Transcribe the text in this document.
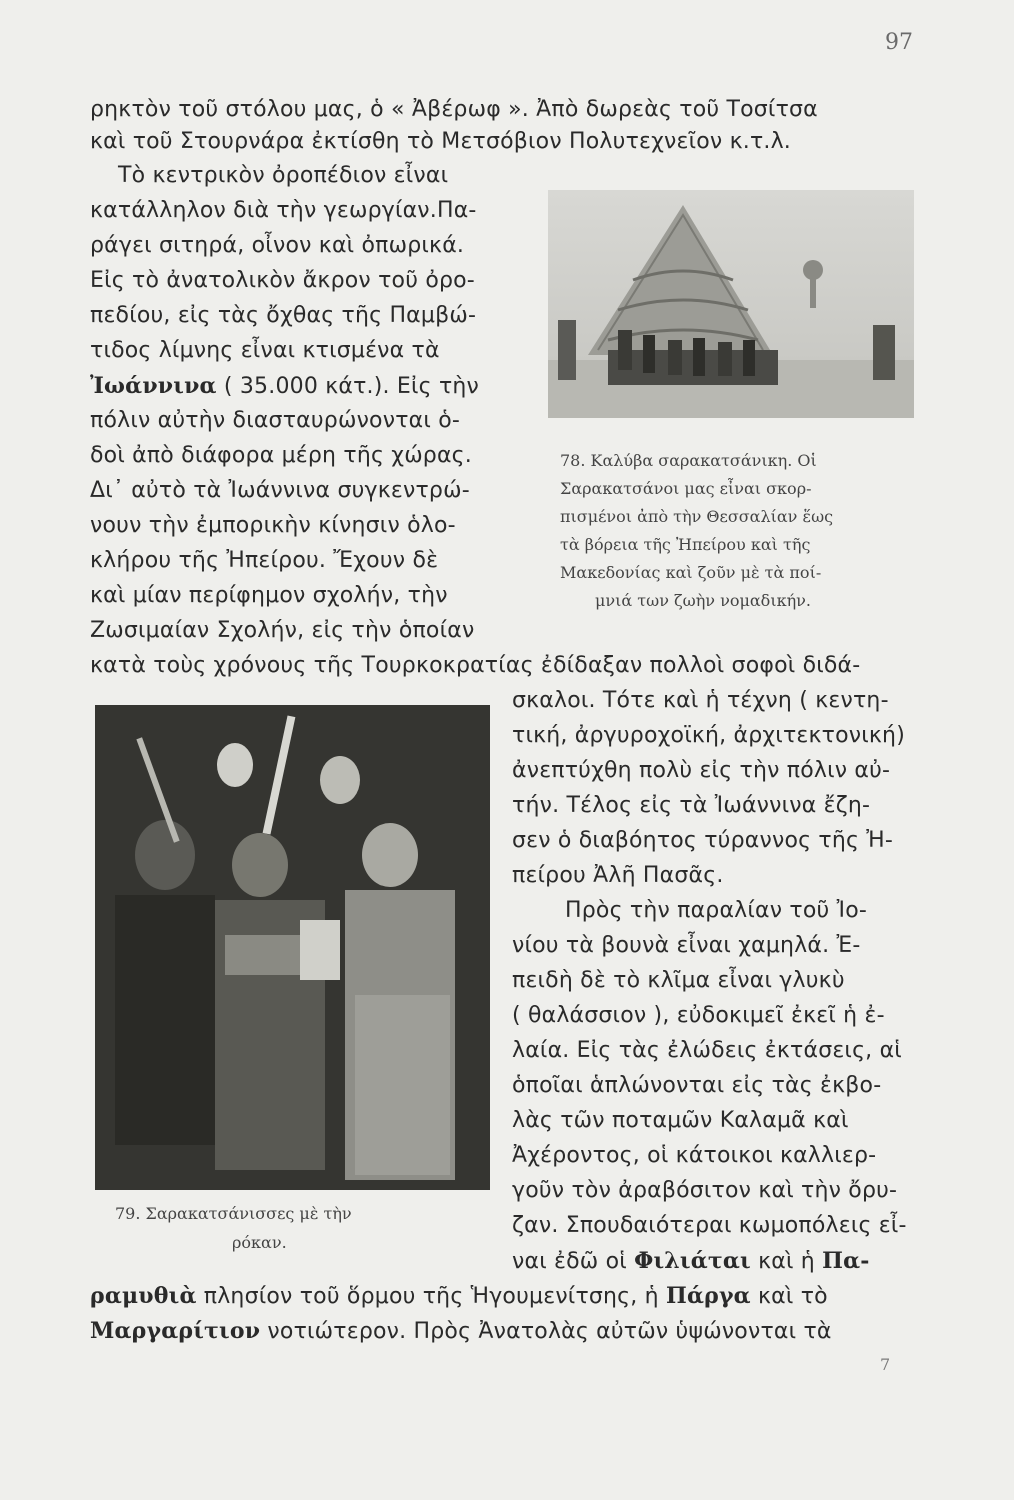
97
ρηκτὸν τοῦ στόλου μας, ὁ « Ἀβέρωφ ». Ἀπὸ δωρεὰς τοῦ Τοσίτσα
καὶ τοῦ Στουρνάρα ἐκτίσθη τὸ Μετσόβιον Πολυτεχνεῖον κ.τ.λ.
Τὸ κεντρικὸν ὀροπέδιον εἶναι
κατάλληλον διὰ τὴν γεωργίαν.Πα-
ράγει σιτηρά, οἶνον καὶ ὀπωρικά.
Εἰς τὸ ἀνατολικὸν ἄκρον τοῦ ὀρο-
πεδίου, εἰς τὰς ὄχθας τῆς Παμβώ-
τιδος λίμνης εἶναι κτισμένα τὰ
Ἰωάννινα ( 35.000 κάτ.). Εἰς τὴν
πόλιν αὐτὴν διασταυρώνονται ὁ-
δοὶ ἀπὸ διάφορα μέρη τῆς χώρας.
Δι᾽ αὐτὸ τὰ Ἰωάννινα συγκεντρώ-
νουν τὴν ἐμπορικὴν κίνησιν ὁλο-
κλήρου τῆς Ἠπείρου. Ἔχουν δὲ
καὶ μίαν περίφημον σχολήν, τὴν
Ζωσιμαίαν Σχολήν, εἰς τὴν ὁποίαν
κατὰ τοὺς χρόνους τῆς Τουρκοκρατίας ἐδίδαξαν πολλοὶ σοφοὶ διδά-
σκαλοι. Τότε καὶ ἡ τέχνη ( κεντη-
τική, ἀργυροχοϊκή, ἀρχιτεκτονική)
ἀνεπτύχθη πολὺ εἰς τὴν πόλιν αὐ-
τήν. Τέλος εἰς τὰ Ἰωάννινα ἔζη-
σεν ὁ διαβόητος τύραννος τῆς Ἠ-
πείρου Ἀλῆ Πασᾶς.
Πρὸς τὴν παραλίαν τοῦ Ἰο-
νίου τὰ βουνὰ εἶναι χαμηλά. Ἐ-
πειδὴ δὲ τὸ κλῖμα εἶναι γλυκὺ
( θαλάσσιον ), εὐδοκιμεῖ ἐκεῖ ἡ ἐ-
λαία. Εἰς τὰς ἐλώδεις ἐκτάσεις, αἱ
ὁποῖαι ἁπλώνονται εἰς τὰς ἐκβο-
λὰς τῶν ποταμῶν Καλαμᾶ καὶ
Ἀχέροντος, οἱ κάτοικοι καλλιερ-
γοῦν τὸν ἀραβόσιτον καὶ τὴν ὄρυ-
ζαν. Σπουδαιότεραι κωμοπόλεις εἶ-
ναι ἐδῶ οἱ Φιλιάται καὶ ἡ Πα-
ραμυθιὰ πλησίον τοῦ ὅρμου τῆς Ἡγουμενίτσης, ἡ Πάργα καὶ τὸ
Μαργαρίτιον νοτιώτερον. Πρὸς Ἀνατολὰς αὐτῶν ὑψώνονται τὰ
78. Καλύβα σαρακατσάνικη. Οἱ
Σαρακατσάνοι μας εἶναι σκορ-
πισμένοι ἀπὸ τὴν Θεσσαλίαν ἕως
τὰ βόρεια τῆς Ἠπείρου καὶ τῆς
Μακεδονίας καὶ ζοῦν μὲ τὰ ποί-
μνιά των ζωὴν νομαδικήν.
79. Σαρακατσάνισσες μὲ τὴν
ρόκαν.
7
